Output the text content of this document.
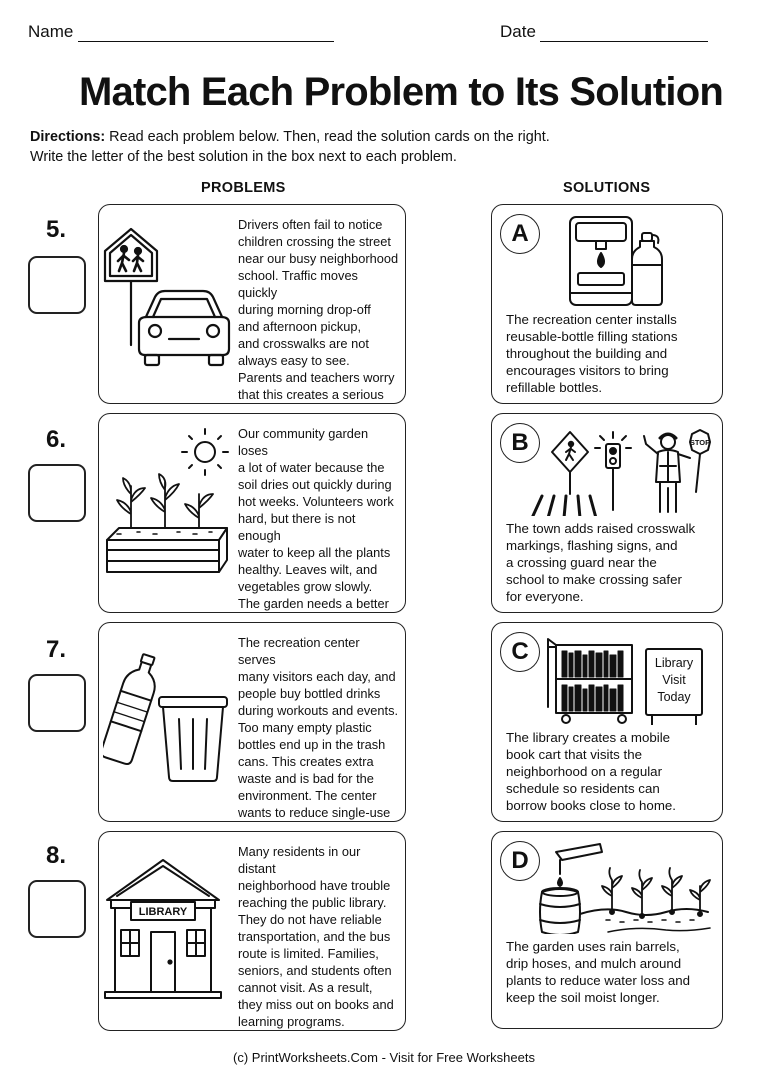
Name	Date
Match Each Problem to Its Solution
Directions: Read each problem below. Then, read the solution cards on the right.
Write the letter of the best solution in the box next to each problem.
PROBLEMS	SOLUTIONS
5.	Drivers often fail to notice
children crossing the street
near our busy neighborhood
school. Traffic moves quickly
during morning drop-off
and afternoon pickup,
and crosswalks are not
always easy to see.
Parents and teachers worry
that this creates a serious
6.	Our community garden loses
a lot of water because the
soil dries out quickly during
hot weeks. Volunteers work
hard, but there is not enough
water to keep all the plants
healthy. Leaves wilt, and
vegetables grow slowly.
The garden needs a better
7.	The recreation center serves
many visitors each day, and
people buy bottled drinks
during workouts and events.
Too many empty plastic
bottles end up in the trash
cans. This creates extra
waste and is bad for the
environment. The center
wants to reduce single-use
8.
LIBRARY
Many residents in our distant
neighborhood have trouble
reaching the public library.
They do not have reliable
transportation, and the bus
route is limited. Families,
seniors, and students often
cannot visit. As a result,
they miss out on books and
learning programs.
A
The recreation center installs
reusable-bottle filling stations
throughout the building and
encourages visitors to bring
refillable bottles.
STOP
B
The town adds raised crosswalk
markings, flashing signs, and
a crossing guard near the
school to make crossing safer
for everyone.
Library
Visit
Today
C
The library creates a mobile
book cart that visits the
neighborhood on a regular
schedule so residents can
borrow books close to home.
D
The garden uses rain barrels,
drip hoses, and mulch around
plants to reduce water loss and
keep the soil moist longer.
(c) PrintWorksheets.Com - Visit for Free Worksheets
